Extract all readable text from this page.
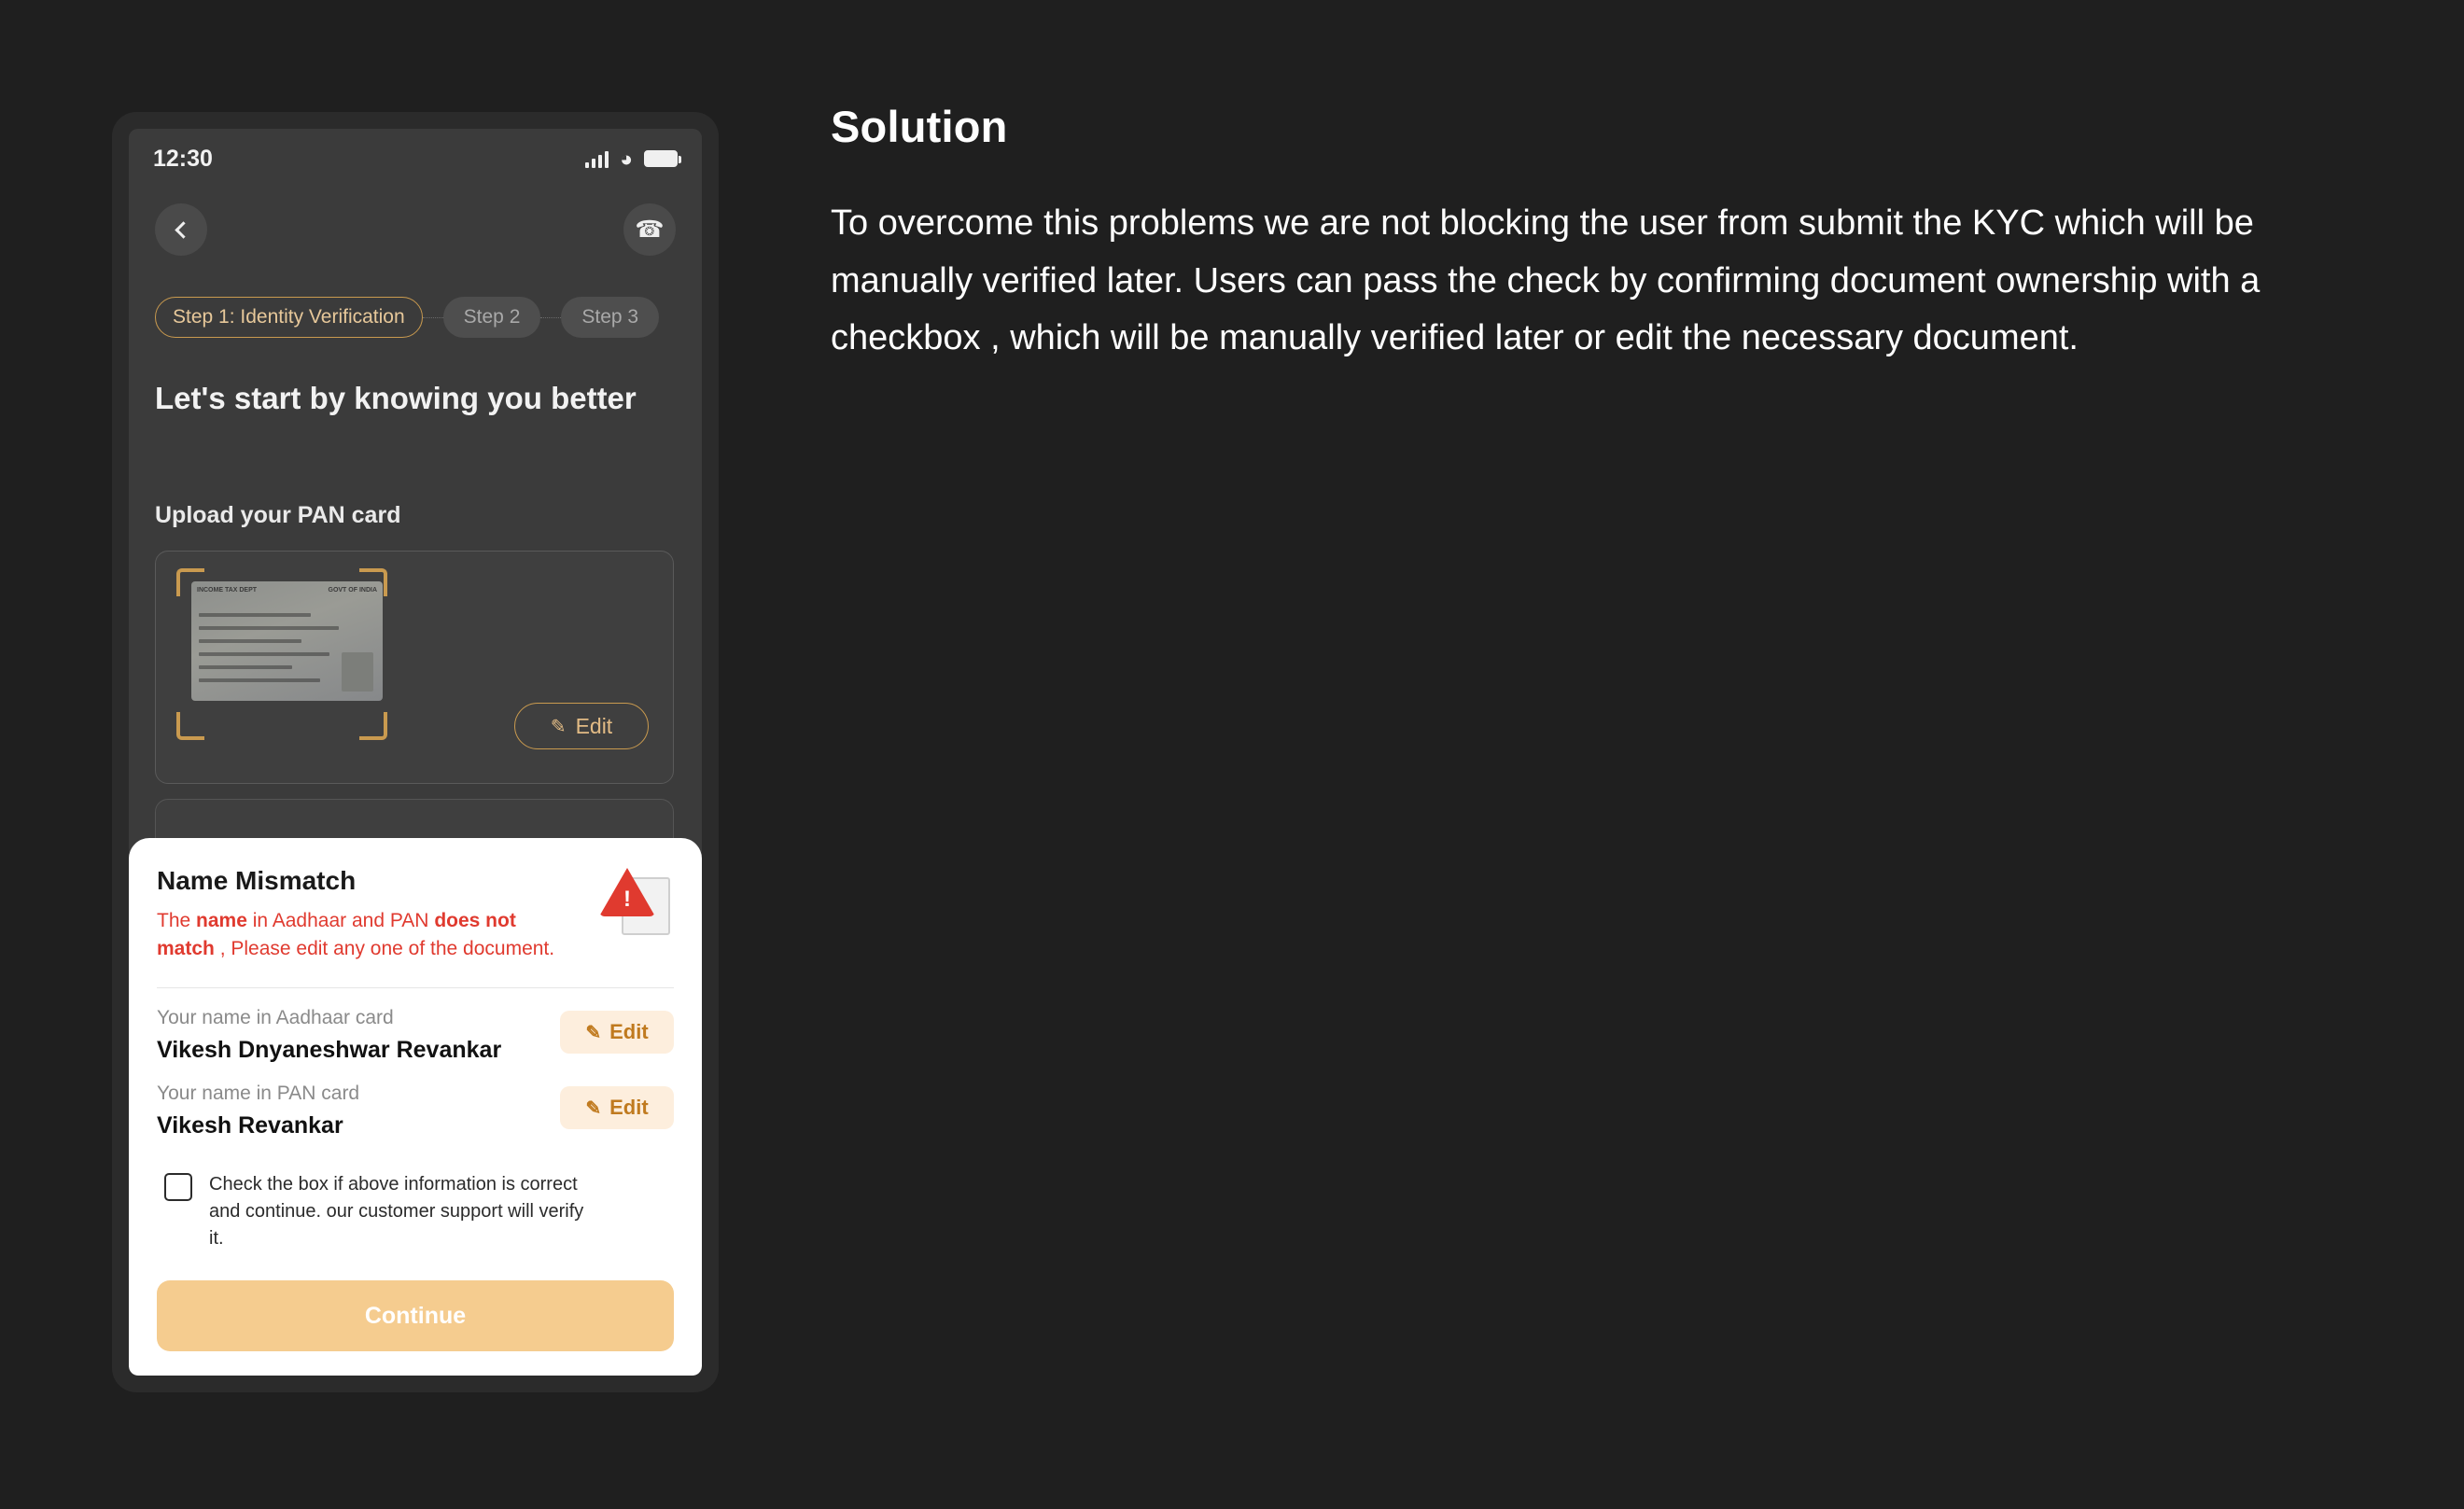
12:30	◕
☎
Step 1: Identity Verification	Step 2	Step 3
Let's start by knowing you better
Upload your PAN card
INCOME TAX DEPT	GOVT OF INDIA
✎ Edit
!
Name Mismatch
The name in Aadhaar and PAN does not match , Please edit any one of the document.
Your name in Aadhaar card
Vikesh Dnyaneshwar Revankar
✎ Edit
Your name in PAN card
Vikesh Revankar
✎ Edit
Check the box if above information is correct and continue. our customer support will verify it.
Continue
Solution
To overcome this problems we are not blocking the user from submit the KYC which will be manually verified later. Users can pass the check by confirming document ownership with a checkbox , which will be manually verified later or edit the necessary document.
